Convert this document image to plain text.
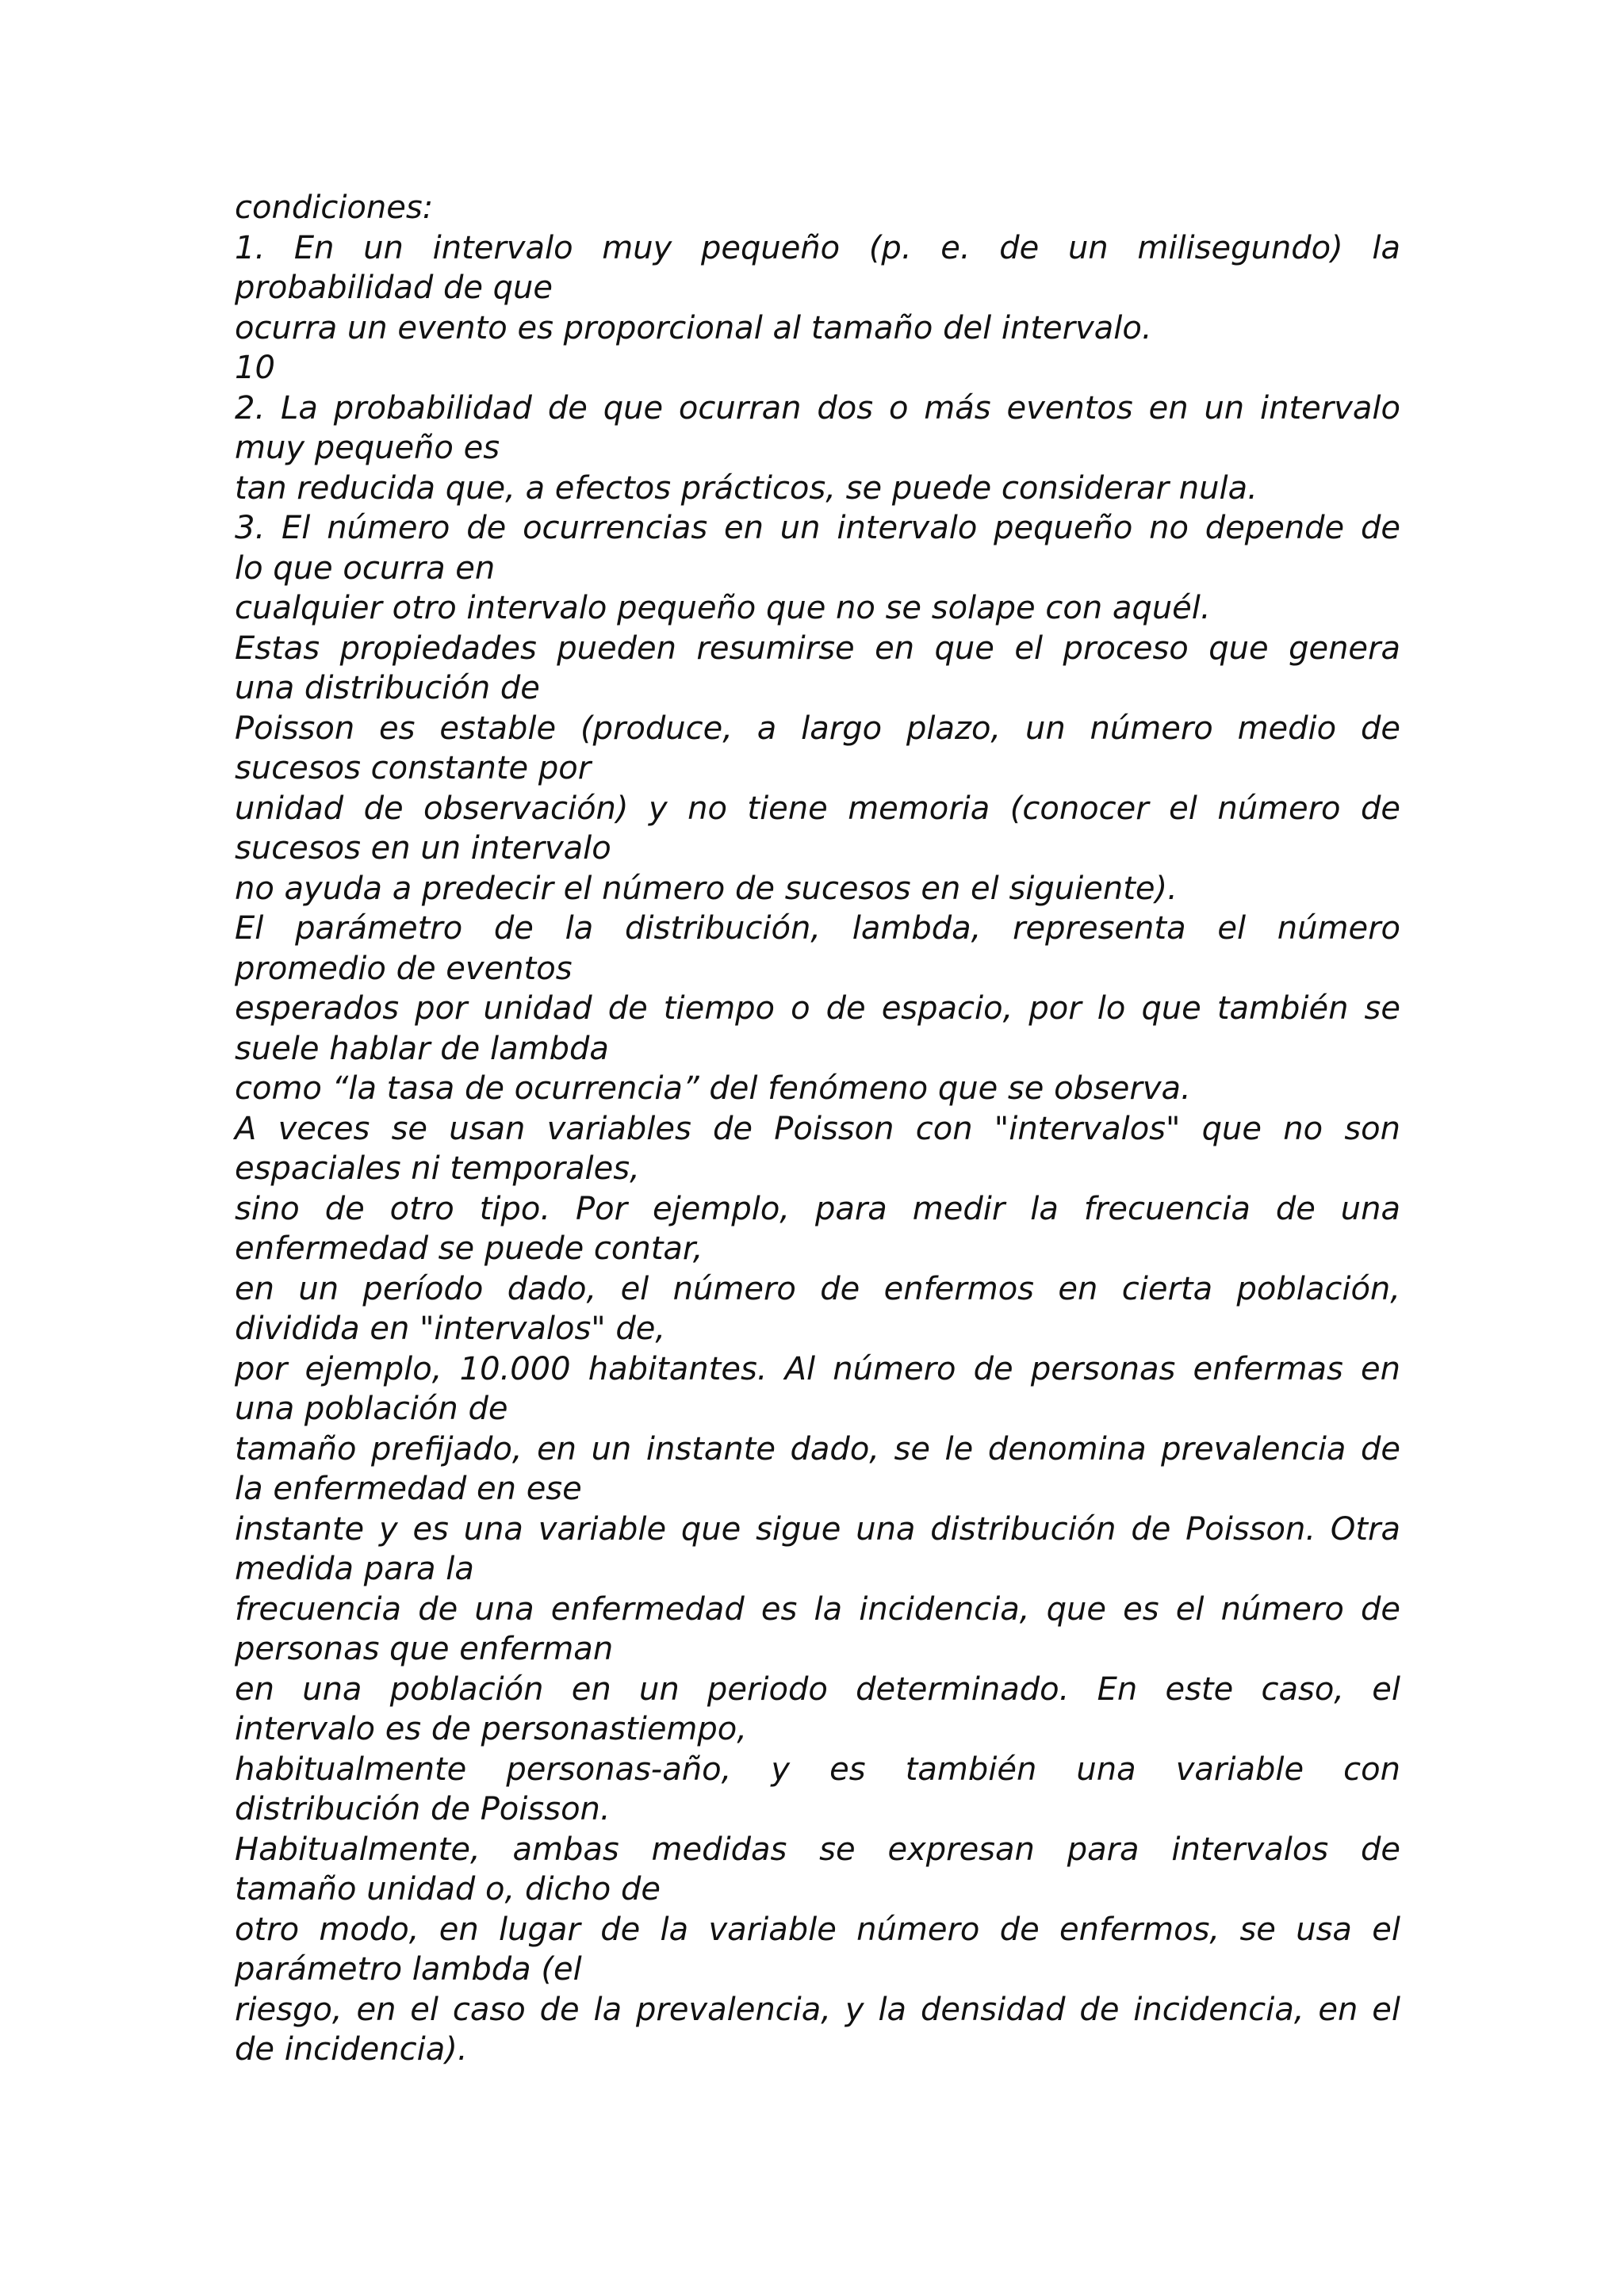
condiciones:
1. En un intervalo muy pequeño (p. e. de un milisegundo) la
probabilidad de que
ocurra un evento es proporcional al tamaño del intervalo.
10
2. La probabilidad de que ocurran dos o más eventos en un intervalo
muy pequeño es
tan reducida que, a efectos prácticos, se puede considerar nula.
3. El número de ocurrencias en un intervalo pequeño no depende de
lo que ocurra en
cualquier otro intervalo pequeño que no se solape con aquél.
Estas propiedades pueden resumirse en que el proceso que genera
una distribución de
Poisson es estable (produce, a largo plazo, un número medio de
sucesos constante por
unidad de observación) y no tiene memoria (conocer el número de
sucesos en un intervalo
no ayuda a predecir el número de sucesos en el siguiente).
El parámetro de la distribución, lambda, representa el número
promedio de eventos
esperados por unidad de tiempo o de espacio, por lo que también se
suele hablar de lambda
como “la tasa de ocurrencia” del fenómeno que se observa.
A veces se usan variables de Poisson con "intervalos" que no son
espaciales ni temporales,
sino de otro tipo. Por ejemplo, para medir la frecuencia de una
enfermedad se puede contar,
en un período dado, el número de enfermos en cierta población,
dividida en "intervalos" de,
por ejemplo, 10.000 habitantes. Al número de personas enfermas en
una población de
tamaño prefijado, en un instante dado, se le denomina prevalencia de
la enfermedad en ese
instante y es una variable que sigue una distribución de Poisson. Otra
medida para la
frecuencia de una enfermedad es la incidencia, que es el número de
personas que enferman
en una población en un periodo determinado. En este caso, el
intervalo es de personastiempo,
habitualmente personas-año, y es también una variable con
distribución de Poisson.
Habitualmente, ambas medidas se expresan para intervalos de
tamaño unidad o, dicho de
otro modo, en lugar de la variable número de enfermos, se usa el
parámetro lambda (el
riesgo, en el caso de la prevalencia, y la densidad de incidencia, en el
de incidencia).
